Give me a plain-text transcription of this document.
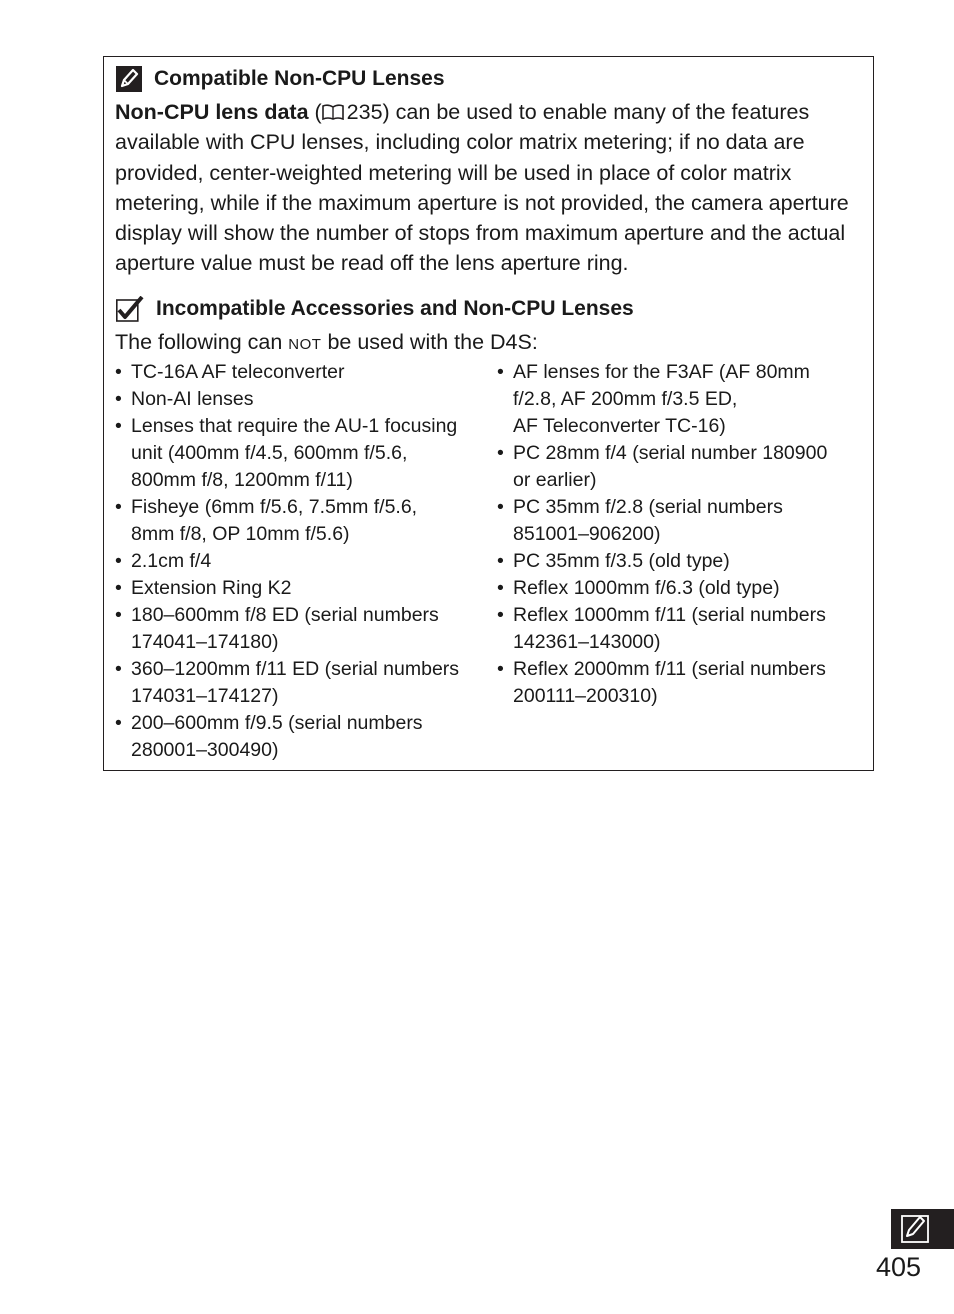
Compatible Non-CPU Lenses

Non-CPU lens data ( 235) can be used to enable many of the features available with CPU lenses, including color matrix metering; if no data are provided, center-weighted metering will be used in place of color matrix metering, while if the maximum aperture is not provided, the camera aperture display will show the number of stops from maximum aperture and the actual aperture value must be read off the lens aperture ring.

Incompatible Accessories and Non-CPU Lenses
The following can NOT be used with the D4S:
• TC-16A AF teleconverter
• Non-AI lenses
• Lenses that require the AU-1 focusing
unit (400mm f/4.5, 600mm f/5.6,
800mm f/8, 1200mm f/11)
• Fisheye (6mm f/5.6, 7.5mm f/5.6,
8mm f/8, OP 10mm f/5.6)
• 2.1cm f/4
• Extension Ring K2
• 180–600mm f/8 ED (serial numbers
174041–174180)
• 360–1200mm f/11 ED (serial numbers
174031–174127)
• 200–600mm f/9.5 (serial numbers
280001–300490)
• AF lenses for the F3AF (AF 80mm
f/2.8, AF 200mm f/3.5 ED,
AF Teleconverter TC-16)
• PC 28mm f/4 (serial number 180900
or earlier)
• PC 35mm f/2.8 (serial numbers
851001–906200)
• PC 35mm f/3.5 (old type)
• Reflex 1000mm f/6.3 (old type)
• Reflex 1000mm f/11 (serial numbers
142361–143000)
• Reflex 2000mm f/11 (serial numbers
200111–200310)
405
